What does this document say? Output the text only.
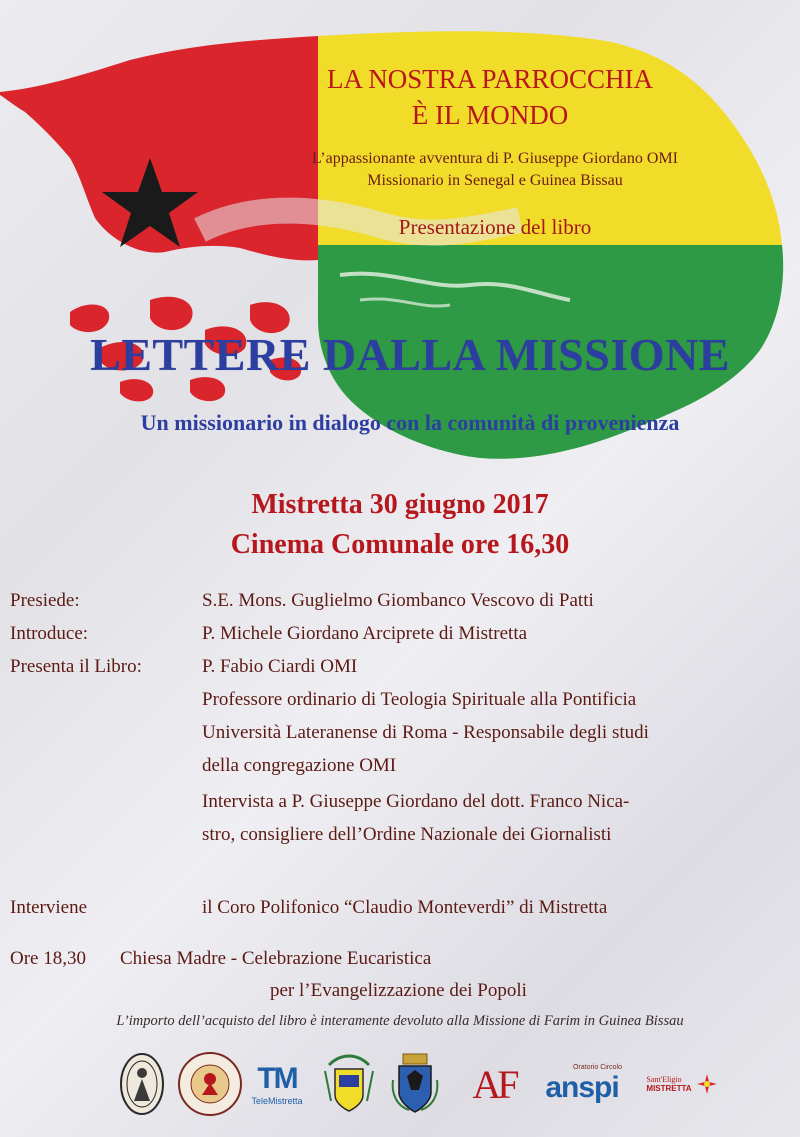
LA NOSTRA PARROCCHIA
È IL MONDO
L’appassionante avventura di P. Giuseppe Giordano OMI
Missionario in Senegal e Guinea Bissau
Presentazione del libro
LETTERE DALLA MISSIONE
Un missionario in dialogo con la comunità di provenienza
Mistretta 30 giugno 2017
Cinema Comunale ore 16,30
Presiede:	S.E. Mons. Guglielmo Giombanco Vescovo di Patti
Introduce:	P. Michele Giordano Arciprete di Mistretta
Presenta il Libro:	P. Fabio Ciardi OMI
Professore ordinario di Teologia Spirituale alla Pontificia
Università Lateranense di Roma - Responsabile degli studi
della congregazione OMI
Intervista a P. Giuseppe Giordano del dott. Franco Nica-
stro, consigliere dell’Ordine Nazionale dei Giornalisti
Interviene	il Coro Polifonico “Claudio Monteverdi” di Mistretta
Ore 18,30 Chiesa Madre - Celebrazione Eucaristica
per l’Evangelizzazione dei Popoli
L’importo dell’acquisto del libro è interamente devoluto alla Missione di Farim in Guinea Bissau
TM
TeleMistretta	AF	Oratorio Circolo
anspi	Sant'Eligio
MISTRETTA
